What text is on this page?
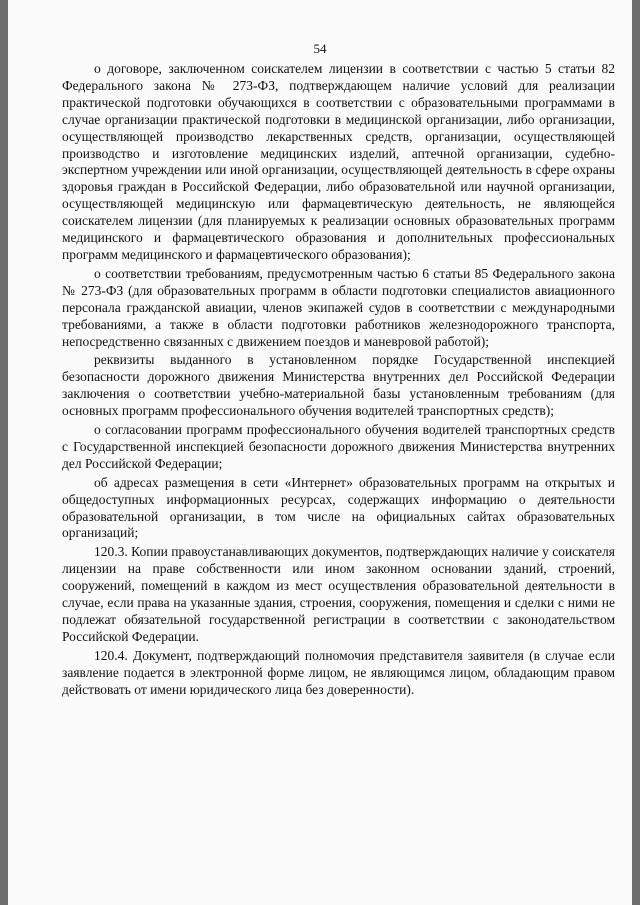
54

о договоре, заключенном соискателем лицензии в соответствии с частью 5 статьи 82 Федерального закона № 273-ФЗ, подтверждающем наличие условий для реализации практической подготовки обучающихся в соответствии с образовательными программами в случае организации практической подготовки в медицинской организации, либо организации, осуществляющей производство лекарственных средств, организации, осуществляющей производство и изготовление медицинских изделий, аптечной организации, судебно-экспертном учреждении или иной организации, осуществляющей деятельность в сфере охраны здоровья граждан в Российской Федерации, либо образовательной или научной организации, осуществляющей медицинскую или фармацевтическую деятельность, не являющейся соискателем лицензии (для планируемых к реализации основных образовательных программ медицинского и фармацевтического образования и дополнительных профессиональных программ медицинского и фармацевтического образования);

о соответствии требованиям, предусмотренным частью 6 статьи 85 Федерального закона № 273-ФЗ (для образовательных программ в области подготовки специалистов авиационного персонала гражданской авиации, членов экипажей судов в соответствии с международными требованиями, а также в области подготовки работников железнодорожного транспорта, непосредственно связанных с движением поездов и маневровой работой);

реквизиты выданного в установленном порядке Государственной инспекцией безопасности дорожного движения Министерства внутренних дел Российской Федерации заключения о соответствии учебно-материальной базы установленным требованиям (для основных программ профессионального обучения водителей транспортных средств);

о согласовании программ профессионального обучения водителей транспортных средств с Государственной инспекцией безопасности дорожного движения Министерства внутренних дел Российской Федерации;

об адресах размещения в сети «Интернет» образовательных программ на открытых и общедоступных информационных ресурсах, содержащих информацию о деятельности образовательной организации, в том числе на официальных сайтах образовательных организаций;

120.3. Копии правоустанавливающих документов, подтверждающих наличие у соискателя лицензии на праве собственности или ином законном основании зданий, строений, сооружений, помещений в каждом из мест осуществления образовательной деятельности в случае, если права на указанные здания, строения, сооружения, помещения и сделки с ними не подлежат обязательной государственной регистрации в соответствии с законодательством Российской Федерации.

120.4. Документ, подтверждающий полномочия представителя заявителя (в случае если заявление подается в электронной форме лицом, не являющимся лицом, обладающим правом действовать от имени юридического лица без доверенности).
